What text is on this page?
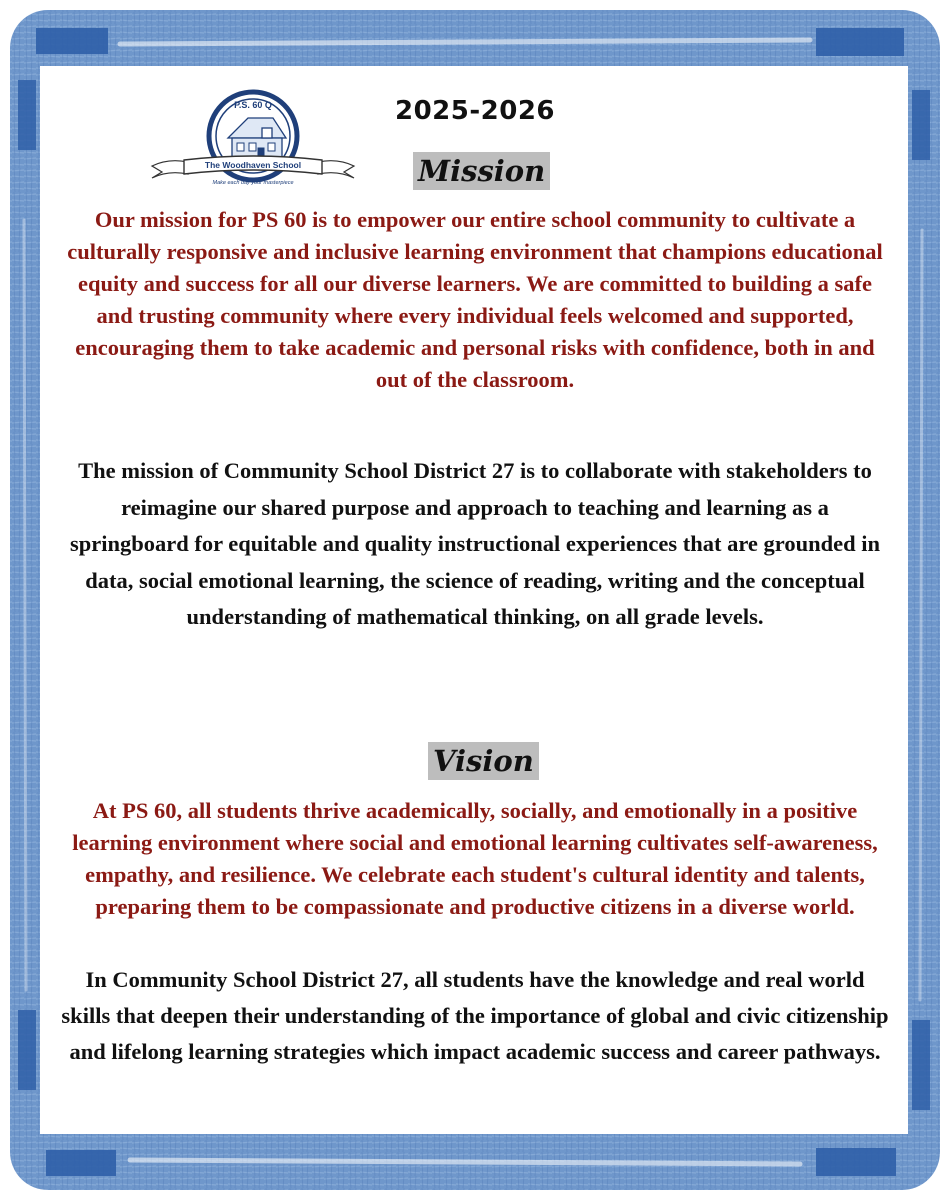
P.S. 60 Q
The Woodhaven School
Make each day your masterpiece
2025-2026
Mission

Our mission for PS 60 is to empower our entire school community to cultivate a culturally responsive and inclusive learning environment that champions educational equity and success for all our diverse learners. We are committed to building a safe and trusting community where every individual feels welcomed and supported, encouraging them to take academic and personal risks with confidence, both in and out of the classroom.

The mission of Community School District 27 is to collaborate with stakeholders to reimagine our shared purpose and approach to teaching and learning as a springboard for equitable and quality instructional experiences that are grounded in data, social emotional learning, the science of reading, writing and the conceptual understanding of mathematical thinking, on all grade levels.

Vision

At PS 60, all students thrive academically, socially, and emotionally in a positive learning environment where social and emotional learning cultivates self-awareness, empathy, and resilience. We celebrate each student's cultural identity and talents, preparing them to be compassionate and productive citizens in a diverse world.

In Community School District 27, all students have the knowledge and real world skills that deepen their understanding of the importance of global and civic citizenship and lifelong learning strategies which impact academic success and career pathways.
